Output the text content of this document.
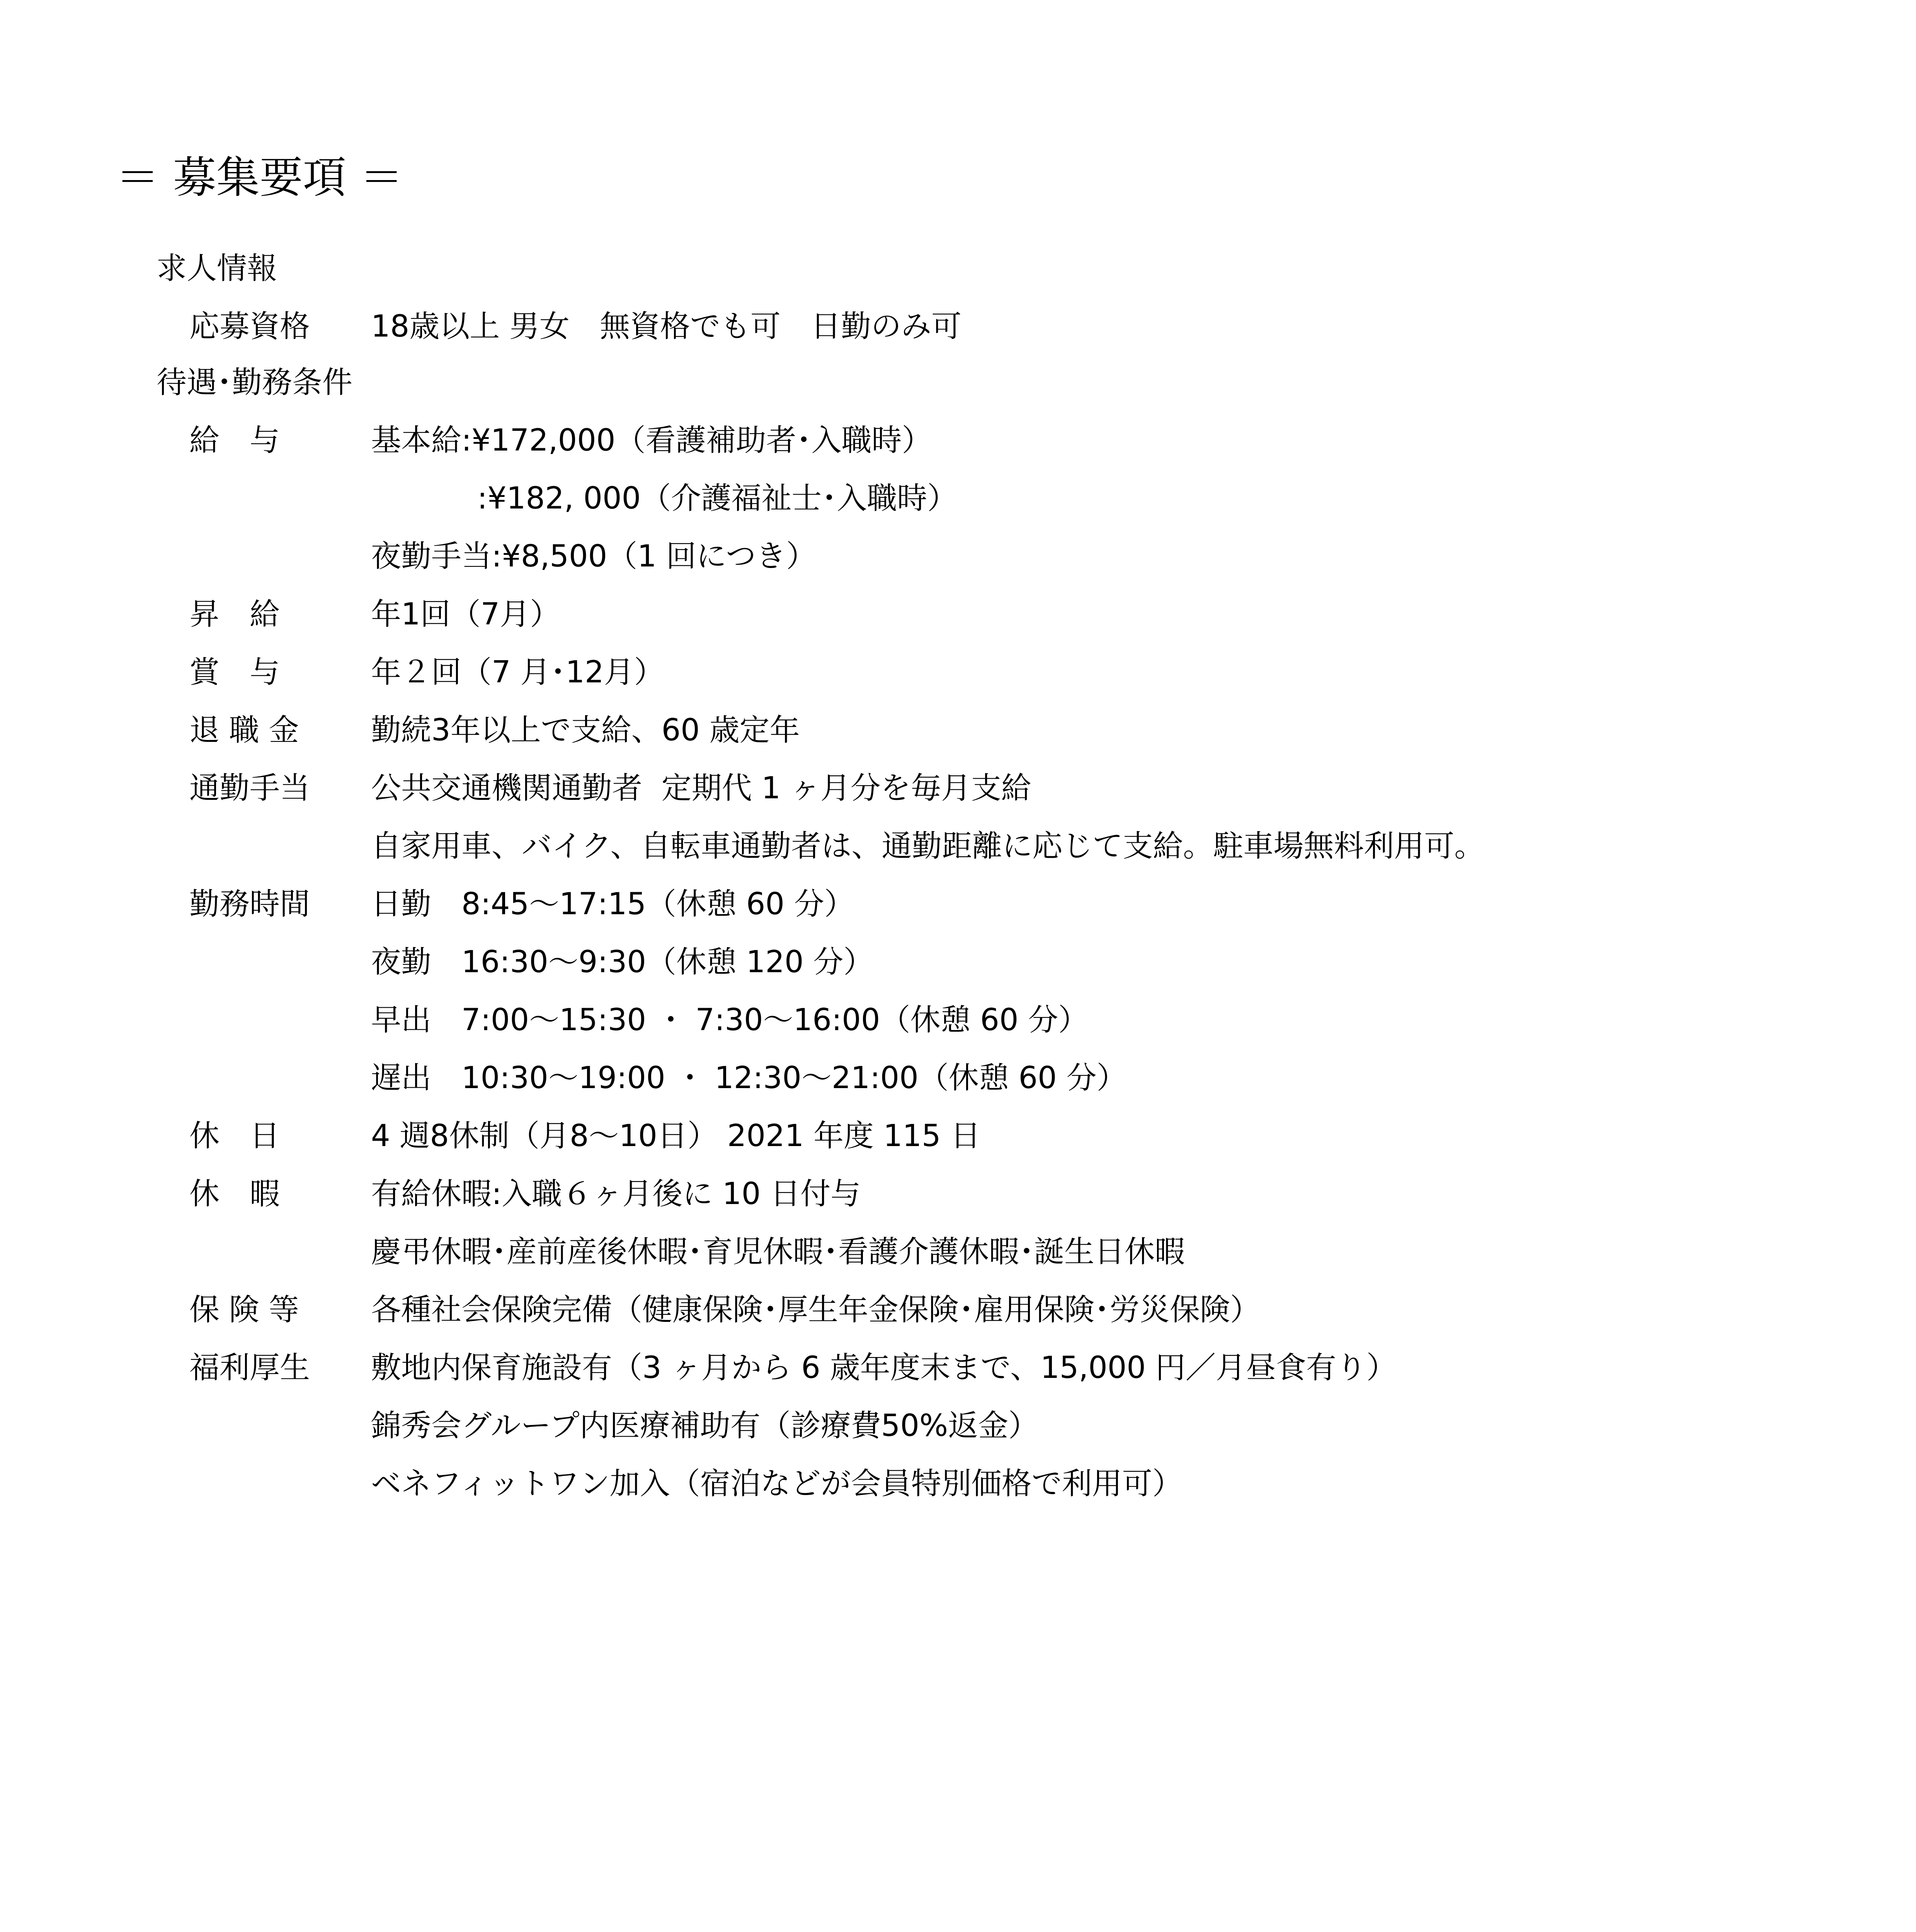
＝ 募集要項 ＝
求人情報
応募資格 18歳以上 男女　無資格でも可　日勤のみ可
待遇･勤務条件
給　与	基本給:¥172,000（看護補助者･入職時）
:¥182, 000（介護福祉士･入職時）
夜勤手当:¥8,500（1 回につき）
昇　給	年1回（7月）
賞　与	年２回（7 月･12月）
退 職 金 勤続3年以上で支給、60 歳定年
通勤手当 公共交通機関通勤者  定期代 1 ヶ月分を毎月支給
自家用車、バイク、自転車通勤者は、通勤距離に応じて支給。駐車場無料利用可。
勤務時間 日勤　8:45～17:15（休憩 60 分）
夜勤　16:30～9:30（休憩 120 分）
早出　7:00～15:30 ・ 7:30～16:00（休憩 60 分）
遅出　10:30～19:00 ・ 12:30～21:00（休憩 60 分）
休　日	4 週8休制（月8～10日） 2021 年度 115 日
休　暇	有給休暇:入職６ヶ月後に 10 日付与
慶弔休暇･産前産後休暇･育児休暇･看護介護休暇･誕生日休暇
保 険 等 各種社会保険完備（健康保険･厚生年金保険･雇用保険･労災保険）
福利厚生 敷地内保育施設有（3 ヶ月から 6 歳年度末まで、15,000 円／月昼食有り）
錦秀会グループ内医療補助有（診療費50%返金）
ベネフィットワン加入（宿泊などが会員特別価格で利用可）
